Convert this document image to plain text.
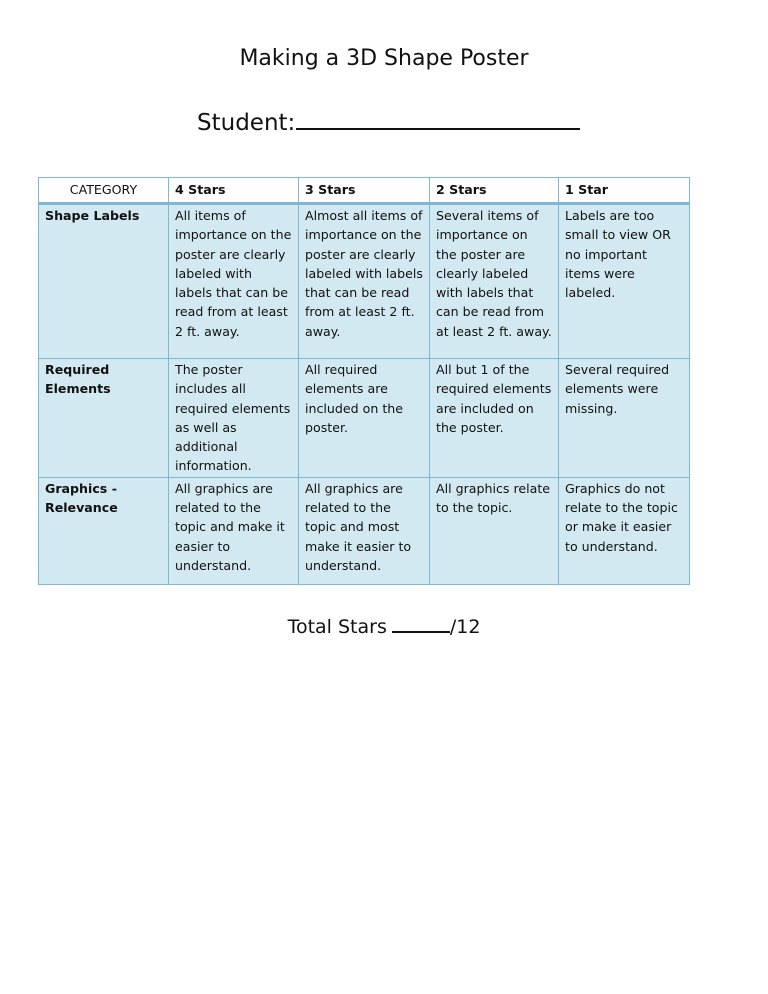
Making a 3D Shape Poster
Student:
CATEGORY	4 Stars	3 Stars	2 Stars	1 Star
Shape Labels	All items of importance on the poster are clearly labeled with labels that can be read from at least 2 ft. away.	Almost all items of importance on the poster are clearly labeled with labels that can be read from at least 2 ft. away.	Several items of importance on the poster are clearly labeled with labels that can be read from at least 2 ft. away.	Labels are too small to view OR no important items were labeled.
Required Elements	The poster includes all required elements as well as additional information.	All required elements are included on the poster.	All but 1 of the required elements are included on the poster.	Several required elements were missing.
Graphics - Relevance	All graphics are related to the topic and make it easier to understand.	All graphics are related to the topic and most make it easier to understand.	All graphics relate to the topic.	Graphics do not relate to the topic or make it easier to understand.
Total Stars	/12
